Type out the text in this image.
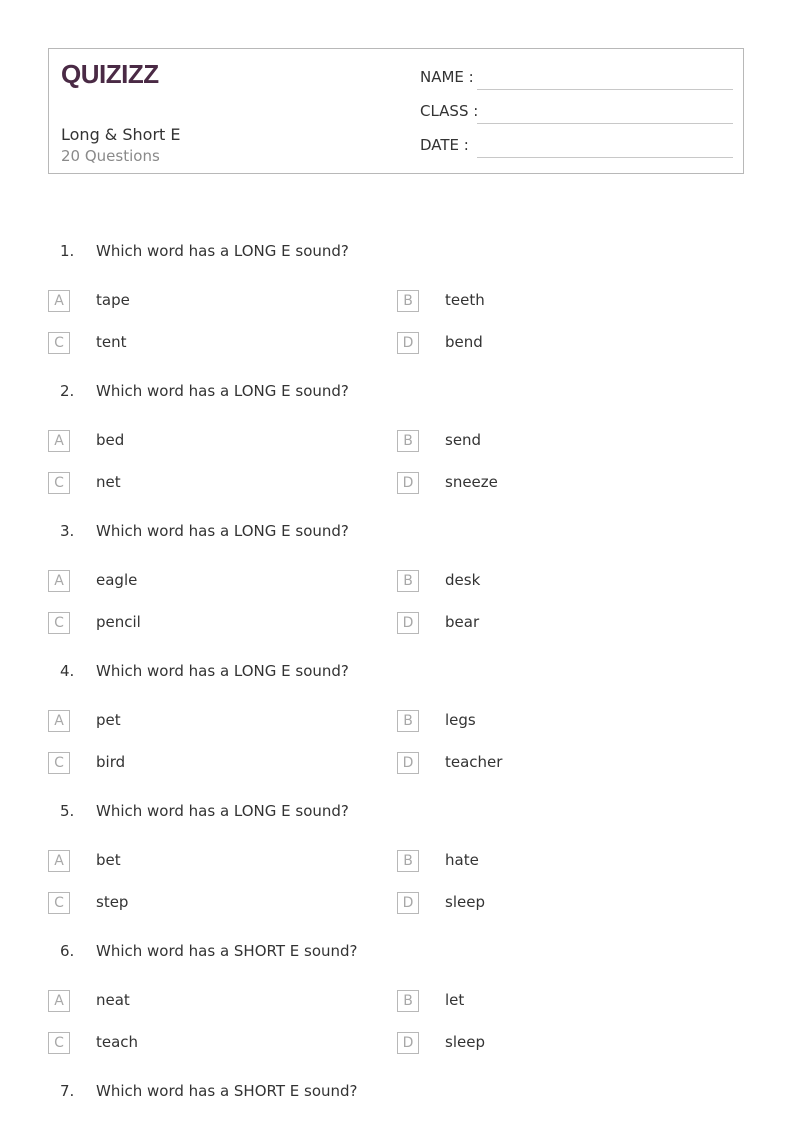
QUIZIZZ
Long & Short E
20 Questions
NAME :
CLASS :
DATE :
1. Which word has a LONG E sound?
A	tape	B	teeth
C	tent	D	bend
2. Which word has a LONG E sound?
A	bed	B	send
C	net	D	sneeze
3. Which word has a LONG E sound?
A	eagle	B	desk
C	pencil	D	bear
4. Which word has a LONG E sound?
A	pet	B	legs
C	bird	D	teacher
5. Which word has a LONG E sound?
A	bet	B	hate
C	step	D	sleep
6. Which word has a SHORT E sound?
A	neat	B	let
C	teach	D	sleep
7. Which word has a SHORT E sound?
